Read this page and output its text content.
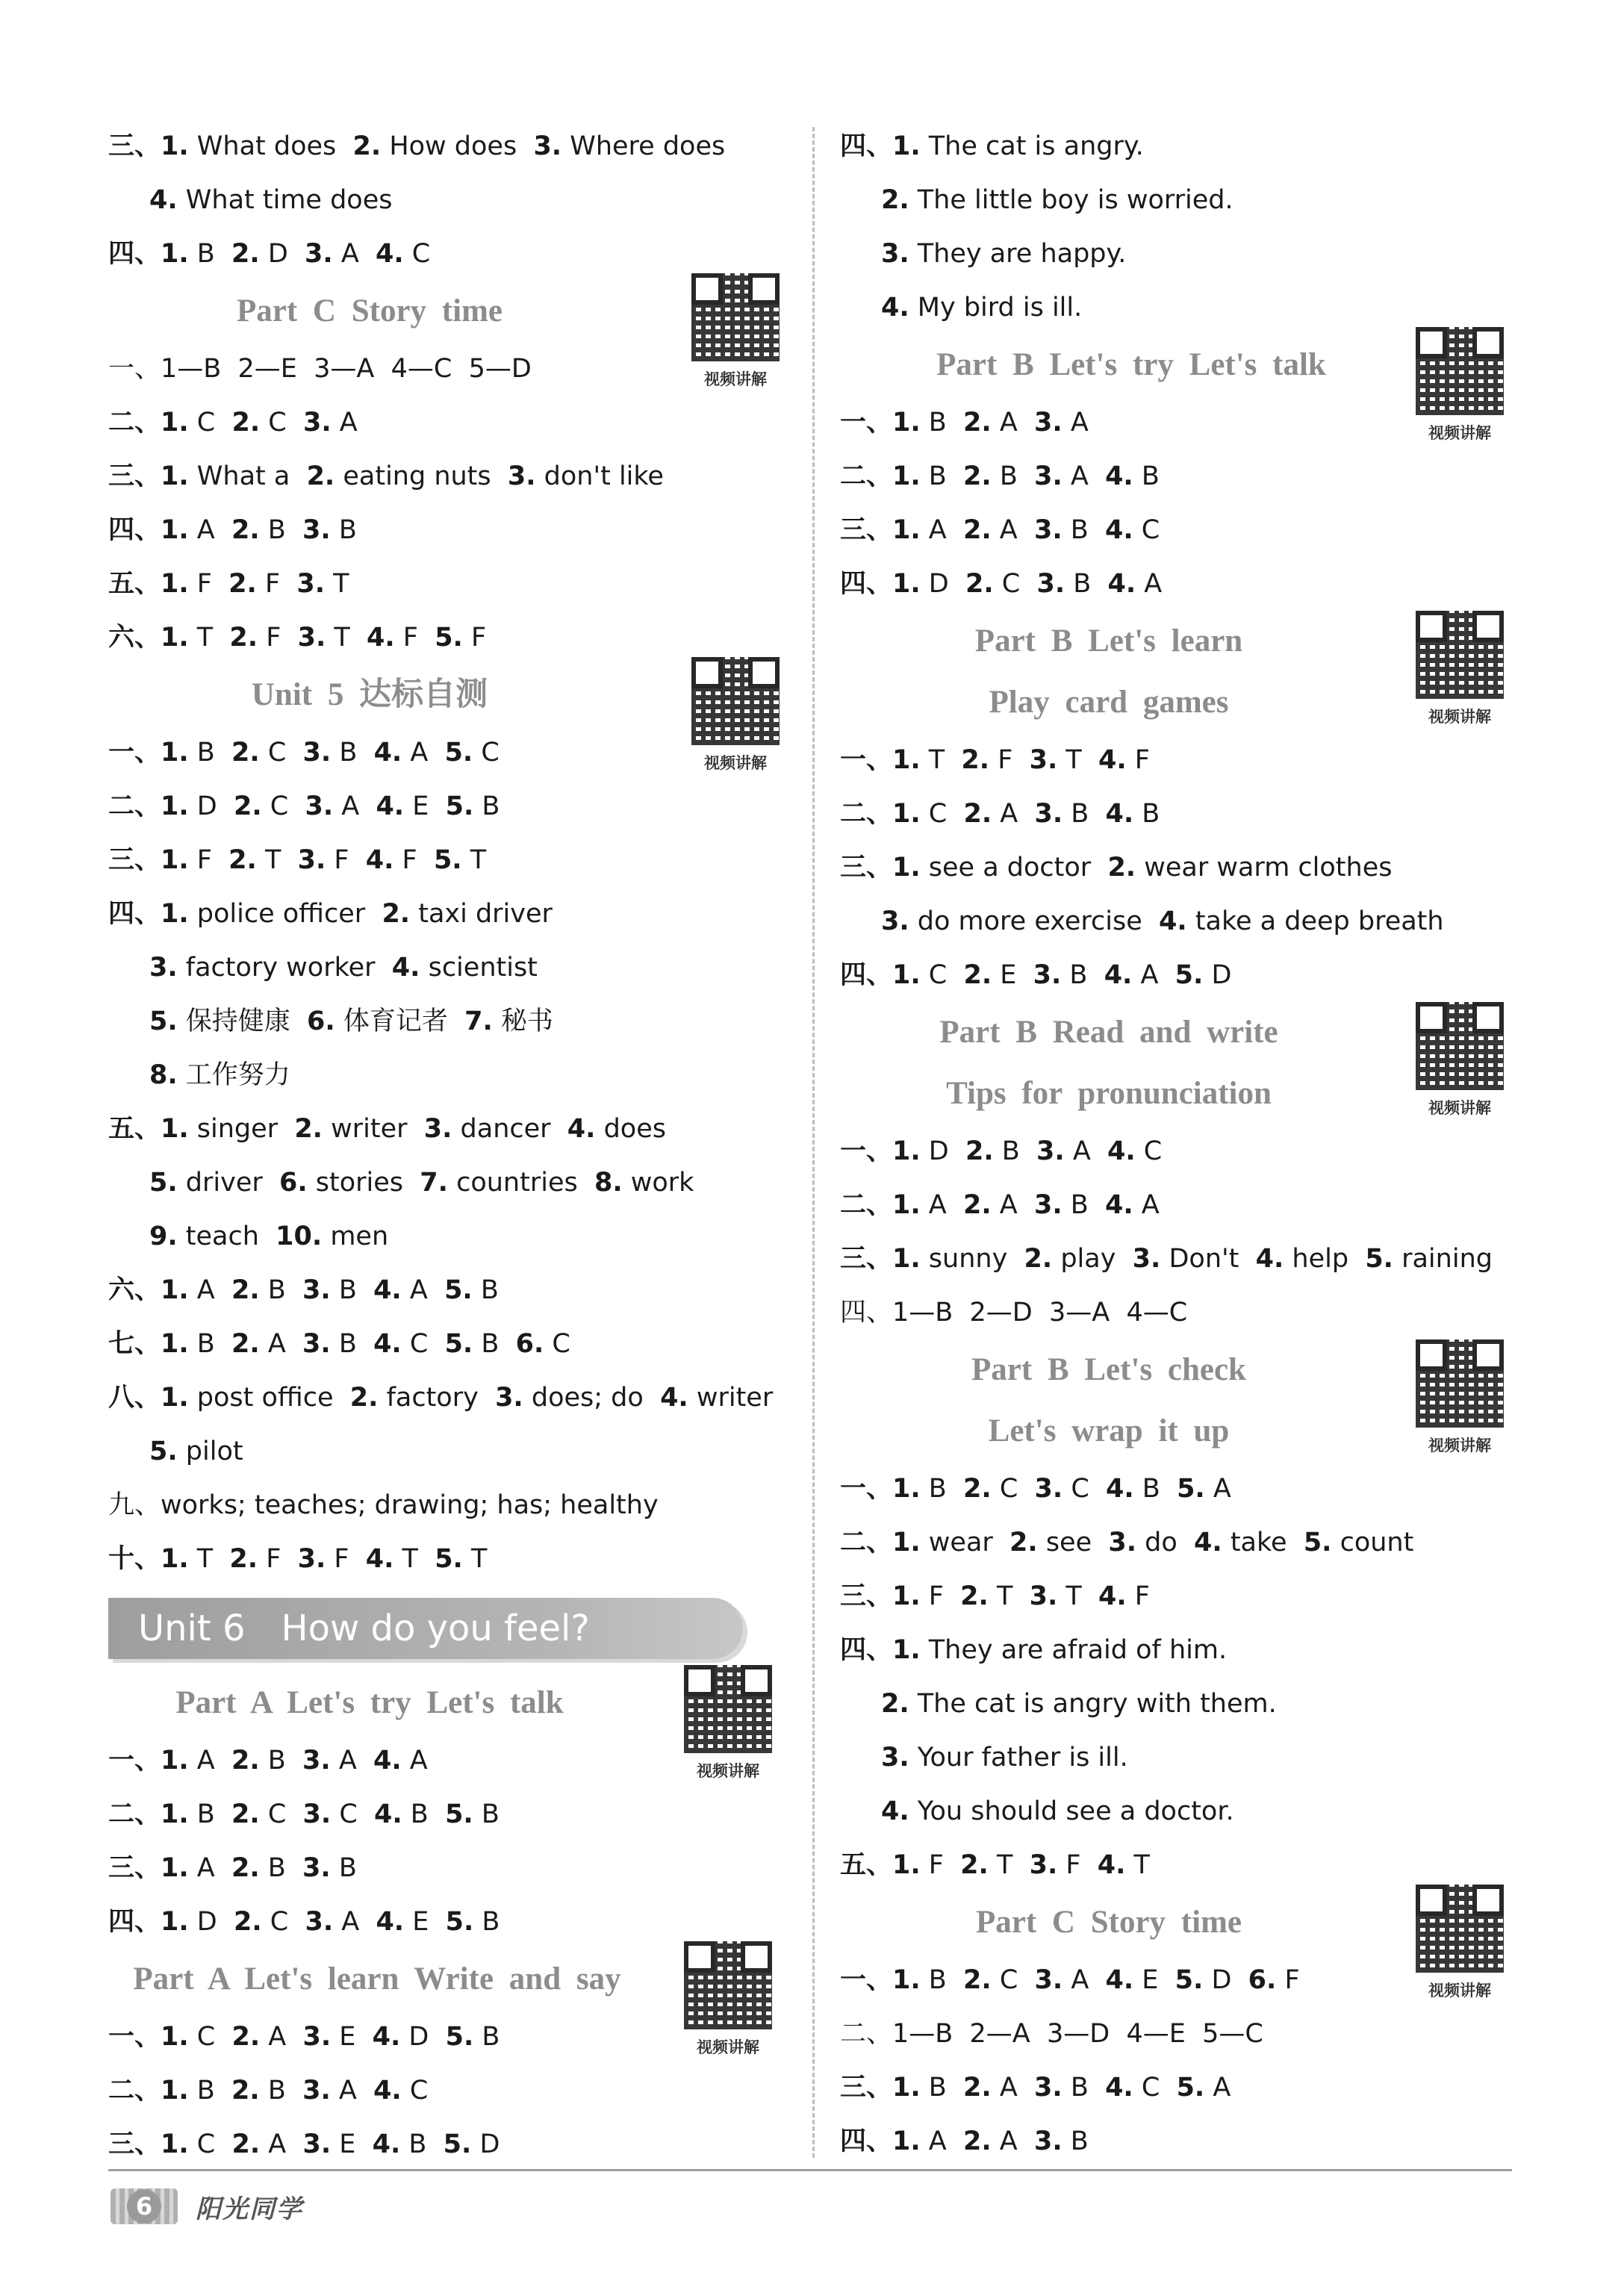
三、1. What does  2. How does  3. Where does
4. What time does
四、1. B  2. D  3. A  4. C
Part C Story time
视频讲解
一、1—B  2—E  3—A  4—C  5—D
二、1. C  2. C  3. A
三、1. What a  2. eating nuts  3. don't like
四、1. A  2. B  3. B
五、1. F  2. F  3. T
六、1. T  2. F  3. T  4. F  5. F
Unit 5 达标自测
视频讲解
一、1. B  2. C  3. B  4. A  5. C
二、1. D  2. C  3. A  4. E  5. B
三、1. F  2. T  3. F  4. F  5. T
四、1. police officer  2. taxi driver
3. factory worker  4. scientist
5. 保持健康  6. 体育记者  7. 秘书
8. 工作努力
五、1. singer  2. writer  3. dancer  4. does
5. driver  6. stories  7. countries  8. work
9. teach  10. men
六、1. A  2. B  3. B  4. A  5. B
七、1. B  2. A  3. B  4. C  5. B  6. C
八、1. post office  2. factory  3. does; do  4. writer
5. pilot
九、works; teaches; drawing; has; healthy
十、1. T  2. F  3. F  4. T  5. T
Unit 6 How do you feel?
Part A Let's try Let's talk
视频讲解
一、1. A  2. B  3. A  4. A
二、1. B  2. C  3. C  4. B  5. B
三、1. A  2. B  3. B
四、1. D  2. C  3. A  4. E  5. B
Part A Let's learn Write and say
视频讲解
一、1. C  2. A  3. E  4. D  5. B
二、1. B  2. B  3. A  4. C
三、1. C  2. A  3. E  4. B  5. D
四、1. The cat is angry.
2. The little boy is worried.
3. They are happy.
4. My bird is ill.
Part B Let's try Let's talk
视频讲解
一、1. B  2. A  3. A
二、1. B  2. B  3. A  4. B
三、1. A  2. A  3. B  4. C
四、1. D  2. C  3. B  4. A
Part B Let's learn
Play card games	视频讲解
一、1. T  2. F  3. T  4. F
二、1. C  2. A  3. B  4. B
三、1. see a doctor  2. wear warm clothes
3. do more exercise  4. take a deep breath
四、1. C  2. E  3. B  4. A  5. D
Part B Read and write
Tips for pronunciation	视频讲解
一、1. D  2. B  3. A  4. C
二、1. A  2. A  3. B  4. A
三、1. sunny  2. play  3. Don't  4. help  5. raining
四、1—B  2—D  3—A  4—C
Part B Let's check
Let's wrap it up	视频讲解
一、1. B  2. C  3. C  4. B  5. A
二、1. wear  2. see  3. do  4. take  5. count
三、1. F  2. T  3. T  4. F
四、1. They are afraid of him.
2. The cat is angry with them.
3. Your father is ill.
4. You should see a doctor.
五、1. F  2. T  3. F  4. T
Part C Story time
视频讲解
一、1. B  2. C  3. A  4. E  5. D  6. F
二、1—B  2—A  3—D  4—E  5—C
三、1. B  2. A  3. B  4. C  5. A
四、1. A  2. A  3. B
6	阳光同学
